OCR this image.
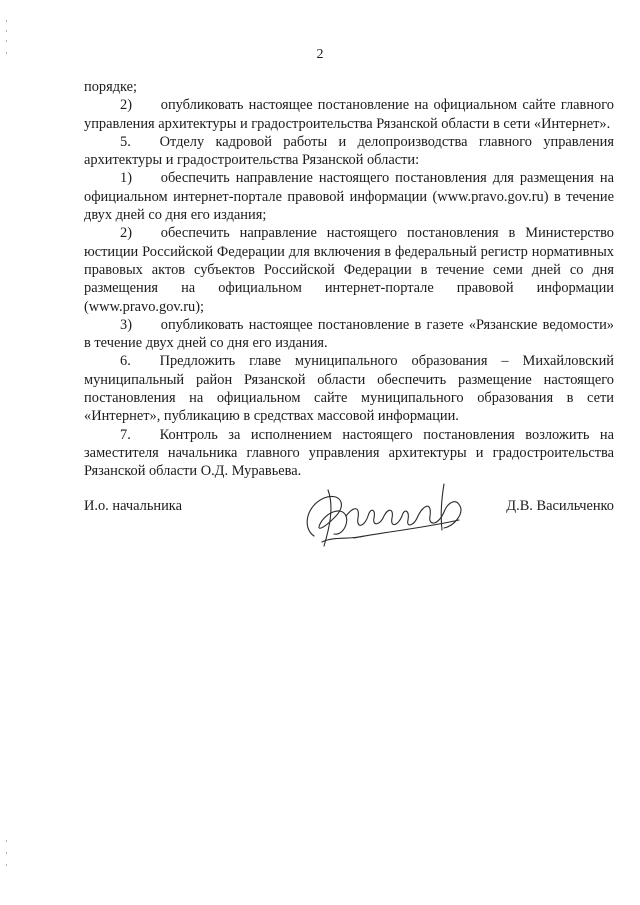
2

порядке;

2)  опубликовать настоящее постановление на официальном сайте главного управления архитектуры и градостроительства Рязанской области в сети «Интернет».

5.  Отделу кадровой работы и делопроизводства главного управления архитектуры и градостроительства Рязанской области:

1)  обеспечить направление настоящего постановления для размещения на официальном интернет-портале правовой информации (www.pravo.gov.ru) в течение двух дней со дня его издания;

2)  обеспечить направление настоящего постановления в Министерство юстиции Российской Федерации для включения в федеральный регистр нормативных правовых актов субъектов Российской Федерации в течение семи дней со дня размещения на официальном интернет-портале правовой информации (www.pravo.gov.ru);

3)  опубликовать настоящее постановление в газете «Рязанские ведомости» в течение двух дней со дня его издания.

6.  Предложить главе муниципального образования – Михайловский муниципальный район Рязанской области обеспечить размещение настоящего постановления на официальном сайте муниципального образования в сети «Интернет», публикацию в средствах массовой информации.

7.  Контроль за исполнением настоящего постановления возложить на заместителя начальника главного управления архитектуры и градостроительства Рязанской области О.Д. Муравьева.

И.о. начальника	Д.В. Васильченко
